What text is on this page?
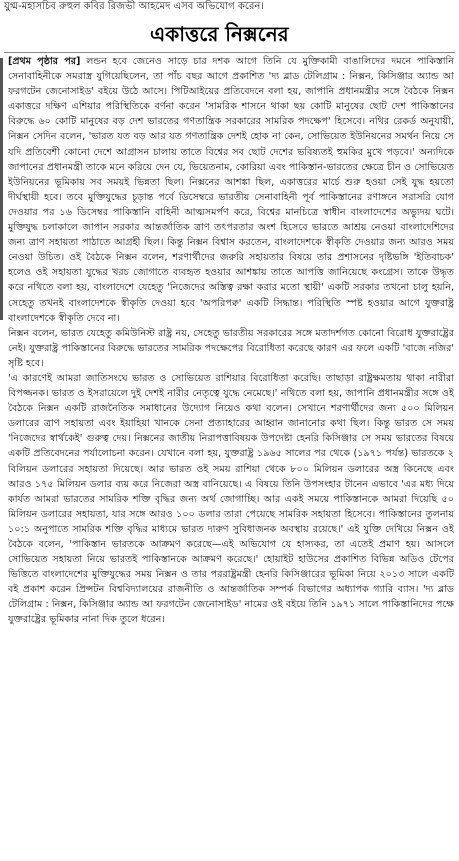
যুগ্ম-মহাসচিব রুহুল কবির রিজভী আহমেদ এসব অভিযোগ করেন।
একাত্তরে নিক্সনের

[প্রথম পৃষ্ঠার পর] লন্ডন হবে জেনেও সাড়ে চার দশক আগে তিনি যে মুক্তিকামী বাঙালিদের দমনে পাকিস্তানি সেনাবাহিনীকে সমরাস্ত্র যুগিয়েছিলেন, তা পাঁচ বছর আগে প্রকাশিত 'দ্য ব্লাড টেলিগ্রাম : নিক্সন, কিসিঞ্জার অ্যান্ড আ ফরগটেন জেনোসাইড' বইয়ে উঠে আসে। পিটিআইয়ের প্রতিবেদনে বলা হয়, জাপানি প্রধানমন্ত্রীর সঙ্গে বৈঠকে নিক্সন একাত্তরে দক্ষিণ এশিয়ার পরিস্থিতিকে বর্ণনা করেন 'সামরিক শাসনে থাকা ছয় কোটি মানুষের ছোট দেশ পাকিস্তানের বিরুদ্ধে ৬০ কোটি মানুষের বড় দেশ ভারতের গণতান্ত্রিক সরকারের সামরিক পদক্ষেপ' হিসেবে। নথির রেকর্ড অনুযায়ী, নিক্সন সেদিন বলেন, 'ভারত যত বড় আর যত গণতান্ত্রিক দেশই হোক না কেন, সোভিয়েত ইউনিয়নের সমর্থন নিয়ে সে যদি প্রতিবেশী কোনো দেশে আগ্রাসন চালায় তাতে বিশ্বের সব ছোট দেশের ভবিষ্যতই হুমকির মুখে পড়বে।' অন্যদিকে জাপানের প্রধানমন্ত্রী তাকে মনে করিয়ে দেন যে, ভিয়েতনাম, কোরিয়া এবং পাকিস্তান-ভারতের ক্ষেত্রে চীন ও সোভিয়েত ইউনিয়নের ভূমিকায় সব সময়ই ভিন্নতা ছিল। নিক্সনের আশঙ্কা ছিল, একাত্তরের মার্চে শুরু হওয়া সেই যুদ্ধ হয়তো দীর্ঘস্থায়ী হবে। তবে মুক্তিযুদ্ধের চূড়ান্ত পর্বে ডিসেম্বরে ভারতীয় সেনাবাহিনী পূর্ব পাকিস্তানের রণাঙ্গনে সরাসরি যোগ দেওয়ার পর ১৬ ডিসেম্বর পাকিস্তানি বাহিনী আত্মসমর্পণ করে, বিশ্বের মানচিত্রে স্বাধীন বাংলাদেশের অভ্যুদয় ঘটে। মুক্তিযুদ্ধ চলাকালে জাপান সরকার আন্তর্জাতিক ত্রাণ তৎপরতার অংশ হিসেবে ভারতে আশ্রয় নেওয়া বাংলাদেশিদের জন্য ত্রাণ সহায়তা পাঠাতে আগ্রহী ছিল। কিন্তু নিক্সন বিশ্বাস করতেন, বাংলাদেশকে স্বীকৃতি দেওয়ার জন্য আরও সময় নেওয়া উচিত। ওই বৈঠকে নিক্সন বলেন, শরণার্থীদের জরুরি সহায়তার বিষয়ে তার প্রশাসনের দৃষ্টিভঙ্গি 'ইতিবাচক' হলেও ওই সহায়তা যুদ্ধের খরচ জোগাতে ব্যবহৃত হওয়ার আশঙ্কায় তাতে আপত্তি জানিয়েছে কংগ্রেস। তাকে উদ্ধৃত করে নথিতে বলা হয়, বাংলাদেশে যেহেতু 'নিজেদের অস্তিত্ব রক্ষা করার মতো স্থায়ী' একটি সরকার তখনো চালু হয়নি, সেহেতু তখনই বাংলাদেশকে স্বীকৃতি দেওয়া হবে 'অপরিপক্ব' একটি সিদ্ধান্ত। পরিস্থিতি স্পষ্ট হওয়ার আগে যুক্তরাষ্ট্র বাংলাদেশকে স্বীকৃতি দেবে না।

নিক্সন বলেন, ভারত যেহেতু কমিউনিস্ট রাষ্ট্র নয়, সেহেতু ভারতীয় সরকারের সঙ্গে মতাদর্শগত কোনো বিরোধ যুক্তরাষ্ট্রের নেই। যুক্তরাষ্ট্র পাকিস্তানের বিরুদ্ধে ভারতের সামরিক পদক্ষেপের বিরোধিতা করেছে কারণ এর ফলে একটি 'বাজে নজির' সৃষ্টি হবে।

'এ কারণেই আমরা জাতিসংঘে ভারত ও সোভিয়েত রাশিয়ার বিরোধিতা করেছি। তাছাড়া রাষ্ট্রক্ষমতায় থাকা নারীরা বিপজ্জনক। ভারত ও ইসরায়েলে দুই দেশই নারীর নেতৃত্বে যুদ্ধে নেমেছে।' নথিতে বলা হয়, জাপানি প্রধানমন্ত্রীর সঙ্গে ওই বৈঠকে নিক্সন একটি রাজনৈতিক সমাধানের উদ্যোগ নিয়েও কথা বলেন। সেখানে শরণার্থীদের জন্য ৫০০ মিলিয়ন ডলারের ত্রাণ সহায়তা এবং ইয়াহিয়া খানকে সেনা প্রত্যাহারের আহ্বান জানানোর কথা ছিল। কিন্তু ভারত সে সময় 'নিজেদের স্বার্থকেই' গুরুত্ব দেয়। নিক্সনের জাতীয় নিরাপত্তাবিষয়ক উপদেষ্টা হেনরি কিসিঞ্জার সে সময় ভারতের বিষয়ে একটি প্রতিবেদনের পর্যালোচনা করেন। যেখানে বলা হয়, যুক্তরাষ্ট্র ১৯৬৫ সালের পর থেকে (১৯৭১ পর্যন্ত) ভারতকে ২ বিলিয়ন ডলারের সহায়তা দিয়েছে। আর ভারত ওই সময় রাশিয়া থেকে ৮০০ মিলিয়ন ডলারের অস্ত্র কিনেছে এবং আরও ১৭৫ মিলিয়ন ডলার ব্যয় করে নিজেরা অস্ত্র বানিয়েছে। এ বিষয়ে তিনি উপসংহার টানেন এভাবে 'এর মধ্য দিয়ে কার্যত আমরা ভারতের সামরিক শক্তি বৃদ্ধির জন্য অর্থ জোগাচ্ছি। আর একই সময়ে পাকিস্তানকে আমরা দিয়েছি ৫০ মিলিয়ন ডলারের সহায়তা, যার সঙ্গে আরও ১০০ ডলার তারা পেয়েছে সামরিক সহায়তা হিসেবে। পাকিস্তানের তুলনায় ১০:১ অনুপাতে সামরিক শক্তি বৃদ্ধির মাধ্যমে ভারত দারুণ সুবিধাজনক অবস্থায় রয়েছে।' এই যুক্তি দেখিয়ে নিক্সন ওই বৈঠকে বলেন, 'পাকিস্তান ভারতকে আক্রমণ করেছে—এই অভিযোগ যে হাস্যকর, তা এতেই প্রমাণ হয়। আসলে সোভিয়েত সহায়তা নিয়ে ভারতই পাকিস্তানকে আক্রমণ করেছে।' হোয়াইট হাউসের প্রকাশিত বিভিন্ন অডিও টেপের ভিত্তিতে বাংলাদেশের মুক্তিযুদ্ধের সময় নিক্সন ও তার পররাষ্ট্রমন্ত্রী হেনরি কিসিঞ্জারের ভূমিকা নিয়ে ২০১৩ সালে একটি বই প্রকাশ করেন প্রিন্সটন বিশ্ববিদ্যালয়ের রাজনীতি ও আন্তর্জাতিক সম্পর্ক বিভাগের অধ্যাপক গ্যারি ব্যাস। 'দ্য ব্লাড টেলিগ্রাম : নিক্সন, কিসিঞ্জার অ্যান্ড আ ফরগটেন জেনোসাইড' নামের ওই বইয়ে তিনি ১৯৭১ সালে পাকিস্তানিদের পক্ষে যুক্তরাষ্ট্রের ভূমিকার নানা দিক তুলে ধরেন।
